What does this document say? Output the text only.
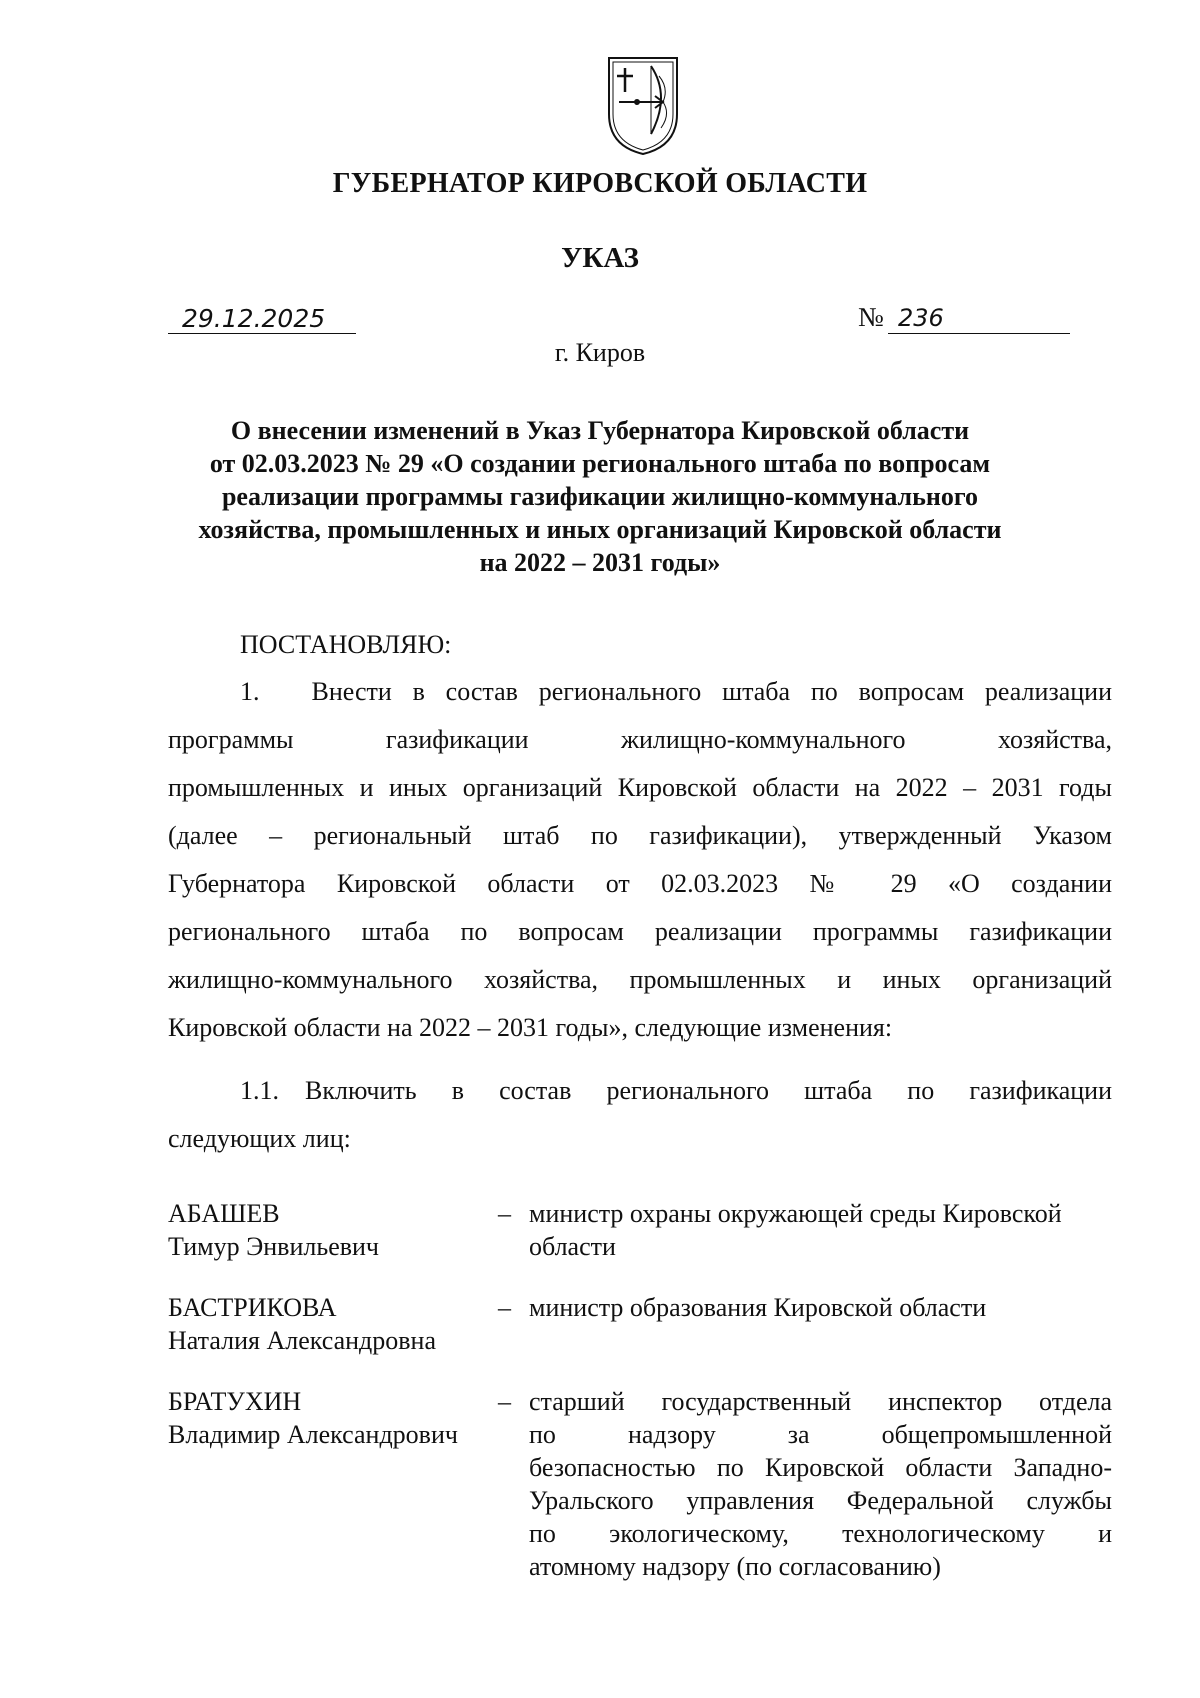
ГУБЕРНАТОР КИРОВСКОЙ ОБЛАСТИ
УКАЗ
29.12.2025	№ 236
г. Киров
О внесении изменений в Указ Губернатора Кировской области
от 02.03.2023 № 29 «О создании регионального штаба по вопросам
реализации программы газификации жилищно-коммунального
хозяйства, промышленных и иных организаций Кировской области
на 2022 – 2031 годы»
ПОСТАНОВЛЯЮ:
1.  Внести в состав регионального штаба по вопросам реализации
программы газификации жилищно-коммунального хозяйства,
промышленных и иных организаций Кировской области на 2022 – 2031 годы
(далее – региональный штаб по газификации), утвержденный Указом
Губернатора Кировской области от 02.03.2023 № 29 «О создании
регионального штаба по вопросам реализации программы газификации
жилищно-коммунального хозяйства, промышленных и иных организаций
Кировской области на 2022 – 2031 годы», следующие изменения:
1.1. Включить в состав регионального штаба по газификации
следующих лиц:
АБАШЕВ
Тимур Энвильевич
– министр охраны окружающей среды Кировской
области
БАСТРИКОВА
Наталия Александровна
– министр образования Кировской области

БРАТУХИН
Владимир Александрович
– старший государственный инспектор отдела
по надзору за общепромышленной
безопасностью по Кировской области Западно-
Уральского управления Федеральной службы
по экологическому, технологическому и
атомному надзору (по согласованию)
